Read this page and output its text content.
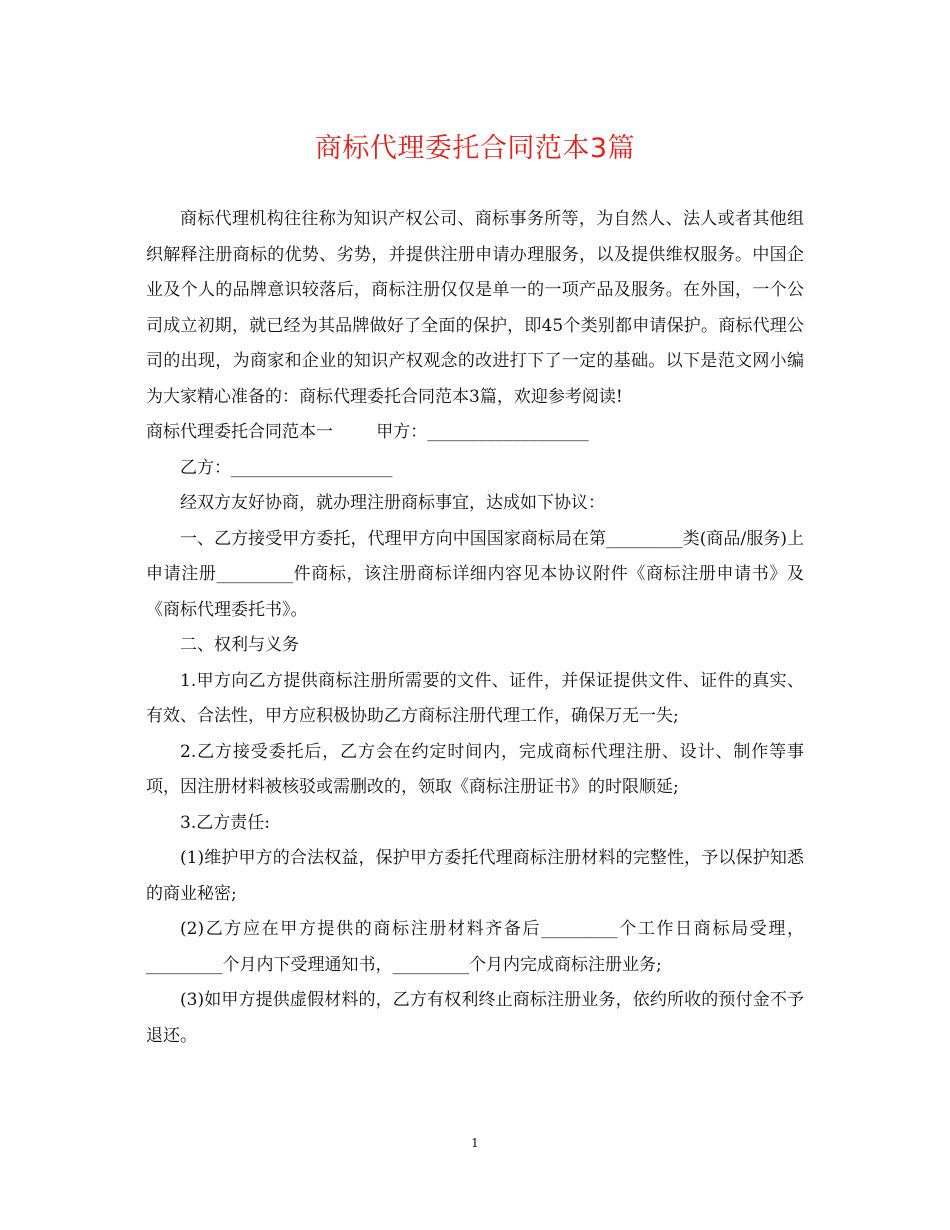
商标代理委托合同范本3篇

商标代理机构往往称为知识产权公司、商标事务所等，为自然人、法人或者其他组织解释注册商标的优势、劣势，并提供注册申请办理服务，以及提供维权服务。中国企业及个人的品牌意识较落后，商标注册仅仅是单一的一项产品及服务。在外国，一个公司成立初期，就已经为其品牌做好了全面的保护，即45个类别都申请保护。商标代理公司的出现，为商家和企业的知识产权观念的改进打下了一定的基础。以下是范文网小编为大家精心准备的：商标代理委托合同范本3篇，欢迎参考阅读!

商标代理委托合同范本一        甲方：___________________

乙方：___________________

经双方友好协商，就办理注册商标事宜，达成如下协议：

一、乙方接受甲方委托，代理甲方向中国国家商标局在第_________类(商品/服务)上申请注册_________件商标，该注册商标详细内容见本协议附件《商标注册申请书》及《商标代理委托书》。

二、权利与义务

1.甲方向乙方提供商标注册所需要的文件、证件，并保证提供文件、证件的真实、有效、合法性，甲方应积极协助乙方商标注册代理工作，确保万无一失;

2.乙方接受委托后，乙方会在约定时间内，完成商标代理注册、设计、制作等事项，因注册材料被核驳或需删改的，领取《商标注册证书》的时限顺延;

3.乙方责任:

(1)维护甲方的合法权益，保护甲方委托代理商标注册材料的完整性，予以保护知悉的商业秘密;

(2)乙方应在甲方提供的商标注册材料齐备后_________个工作日商标局受理，_________个月内下受理通知书，_________个月内完成商标注册业务;

(3)如甲方提供虚假材料的，乙方有权利终止商标注册业务，依约所收的预付金不予退还。

1
